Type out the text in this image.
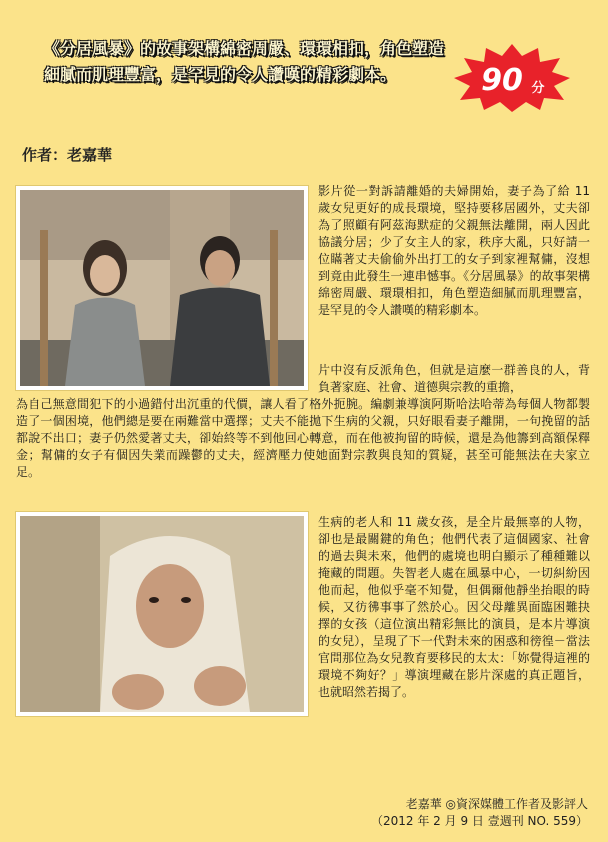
《分居風暴》的故事架構綿密周嚴、環環相扣，角色塑造細膩而肌理豐富，是罕見的令人讚嘆的精彩劇本。	90 分
作者：老嘉華
影片從一對訴請離婚的夫婦開始，妻子為了給 11 歲女兒更好的成長環境，堅持要移居國外，丈夫卻為了照顧有阿茲海默症的父親無法離開，兩人因此協議分居；少了女主人的家，秩序大亂，只好請一位瞞著丈夫偷偷外出打工的女子到家裡幫傭，沒想到竟由此發生一連串憾事。《分居風暴》的故事架構綿密周嚴、環環相扣，角色塑造細膩而肌理豐富，是罕見的令人讚嘆的精彩劇本。
片中沒有反派角色，但就是這麼一群善良的人，背負著家庭、社會、道德與宗教的重擔，
為自己無意間犯下的小過錯付出沉重的代價，讓人看了格外扼腕。編劇兼導演阿斯哈法哈蒂為每個人物都製造了一個困境，他們總是要在兩難當中選擇；丈夫不能拋下生病的父親，只好眼看妻子離開，一句挽留的話都說不出口；妻子仍然愛著丈夫，卻始終等不到他回心轉意，而在他被拘留的時候，還是為他籌到高額保釋金；幫傭的女子有個因失業而躁鬱的丈夫，經濟壓力使她面對宗教與良知的質疑，甚至可能無法在夫家立足。
生病的老人和 11 歲女孩，是全片最無辜的人物，卻也是最關鍵的角色；他們代表了這個國家、社會的過去與未來，他們的處境也明白顯示了種種難以掩藏的問題。失智老人處在風暴中心，一切糾紛因他而起，他似乎毫不知覺，但偶爾他靜坐抬眼的時候，又彷彿事事了然於心。因父母離異面臨困難抉擇的女孩（這位演出精彩無比的演員，是本片導演的女兒），呈現了下一代對未來的困惑和徬徨－當法官問那位為女兒教育要移民的太太：「妳覺得這裡的環境不夠好？」導演埋藏在影片深處的真正題旨，也就昭然若揭了。
老嘉華 ◎資深媒體工作者及影評人
（2012 年 2 月 9 日 壹週刊 NO. 559）
